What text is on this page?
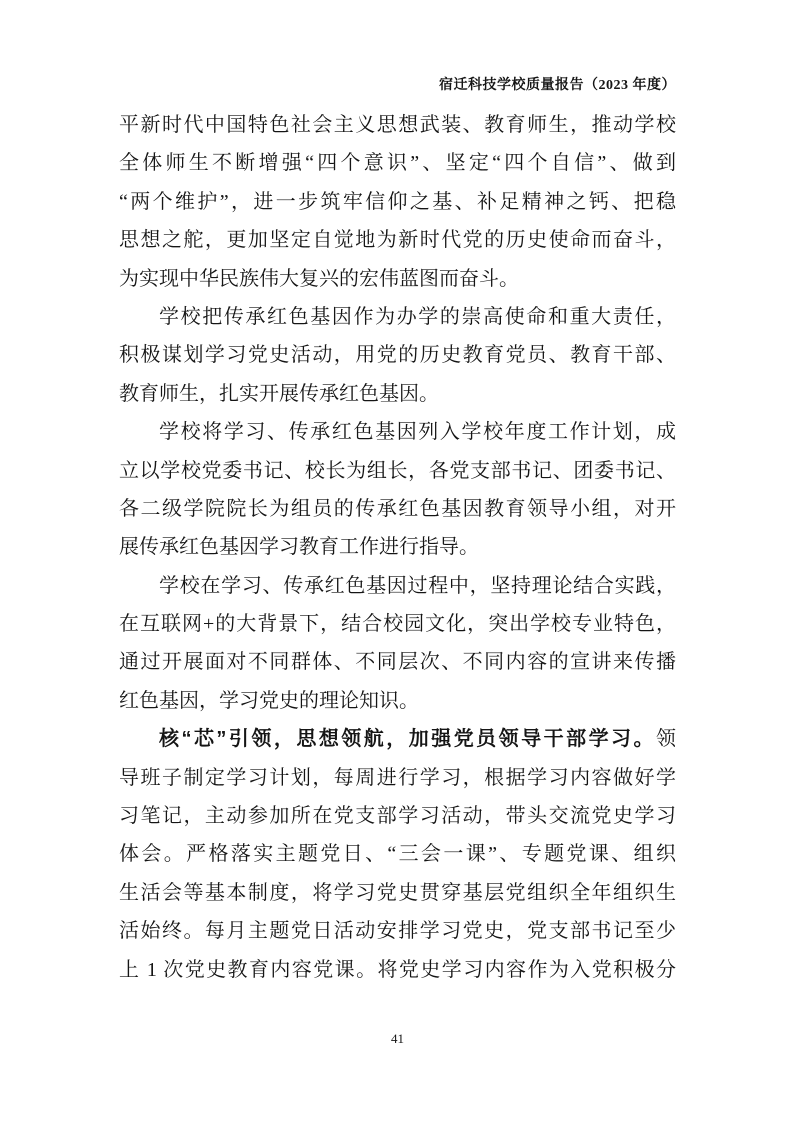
宿迁科技学校质量报告（2023 年度）
平新时代中国特色社会主义思想武装、教育师生，推动学校
全体师生不断增强“四个意识”、坚定“四个自信”、做到
“两个维护”，进一步筑牢信仰之基、补足精神之钙、把稳
思想之舵，更加坚定自觉地为新时代党的历史使命而奋斗，
为实现中华民族伟大复兴的宏伟蓝图而奋斗。
学校把传承红色基因作为办学的崇高使命和重大责任，
积极谋划学习党史活动，用党的历史教育党员、教育干部、
教育师生，扎实开展传承红色基因。
学校将学习、传承红色基因列入学校年度工作计划，成
立以学校党委书记、校长为组长，各党支部书记、团委书记、
各二级学院院长为组员的传承红色基因教育领导小组，对开
展传承红色基因学习教育工作进行指导。
学校在学习、传承红色基因过程中，坚持理论结合实践，
在互联网+的大背景下，结合校园文化，突出学校专业特色，
通过开展面对不同群体、不同层次、不同内容的宣讲来传播
红色基因，学习党史的理论知识。
核“芯”引领，思想领航，加强党员领导干部学习。领
导班子制定学习计划，每周进行学习，根据学习内容做好学
习笔记，主动参加所在党支部学习活动，带头交流党史学习
体会。严格落实主题党日、“三会一课”、专题党课、组织
生活会等基本制度，将学习党史贯穿基层党组织全年组织生
活始终。每月主题党日活动安排学习党史，党支部书记至少
上 1 次党史教育内容党课。将党史学习内容作为入党积极分
41
